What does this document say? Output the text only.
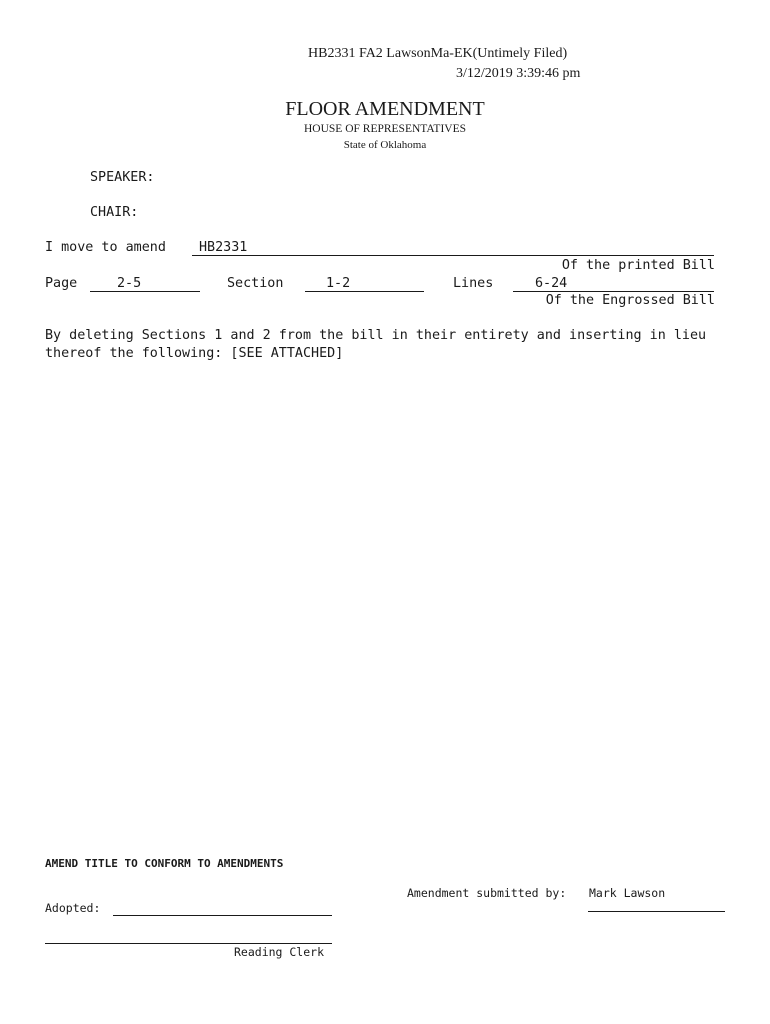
HB2331 FA2 LawsonMa-EK(Untimely Filed)
3/12/2019 3:39:46 pm
FLOOR AMENDMENT
HOUSE OF REPRESENTATIVES
State of Oklahoma
SPEAKER:
CHAIR:
I move to amend HB2331
Of the printed Bill
Page	2-5	Section	1-2	Lines	6-24
Of the Engrossed Bill
By deleting Sections 1 and 2 from the bill in their entirety and inserting in lieu thereof the following: [SEE ATTACHED]
AMEND TITLE TO CONFORM TO AMENDMENTS
Amendment submitted by: Mark Lawson
Adopted:
Reading Clerk
